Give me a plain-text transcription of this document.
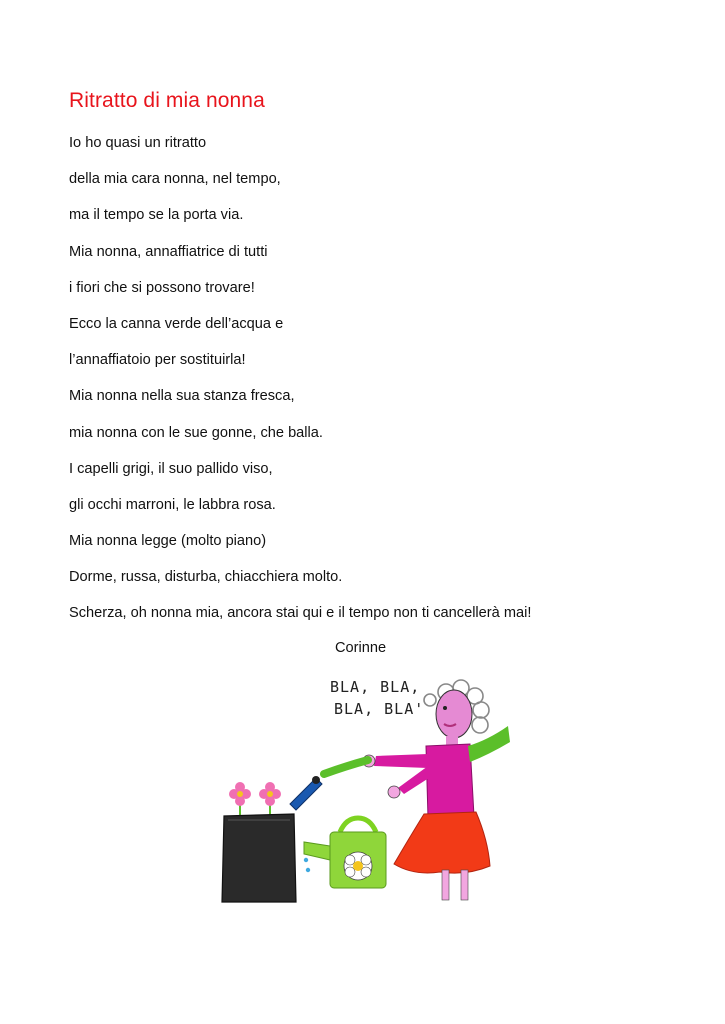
Ritratto di mia nonna
Io ho quasi un ritratto
della mia cara nonna, nel tempo,
ma il tempo se la porta via.
Mia nonna, annaffiatrice di tutti
i fiori che si possono trovare!
Ecco la canna verde dell’acqua e
l’annaffiatoio per sostituirla!
Mia nonna nella sua stanza fresca,
mia nonna con le sue gonne, che balla.
I capelli grigi, il suo pallido viso,
gli occhi marroni, le labbra rosa.
Mia nonna legge (molto piano)
Dorme, russa, disturba, chiacchiera molto.
Scherza, oh nonna mia, ancora stai qui e il tempo non ti cancellerà mai!
Corinne
BLA, BLA,
BLA, BLA'
